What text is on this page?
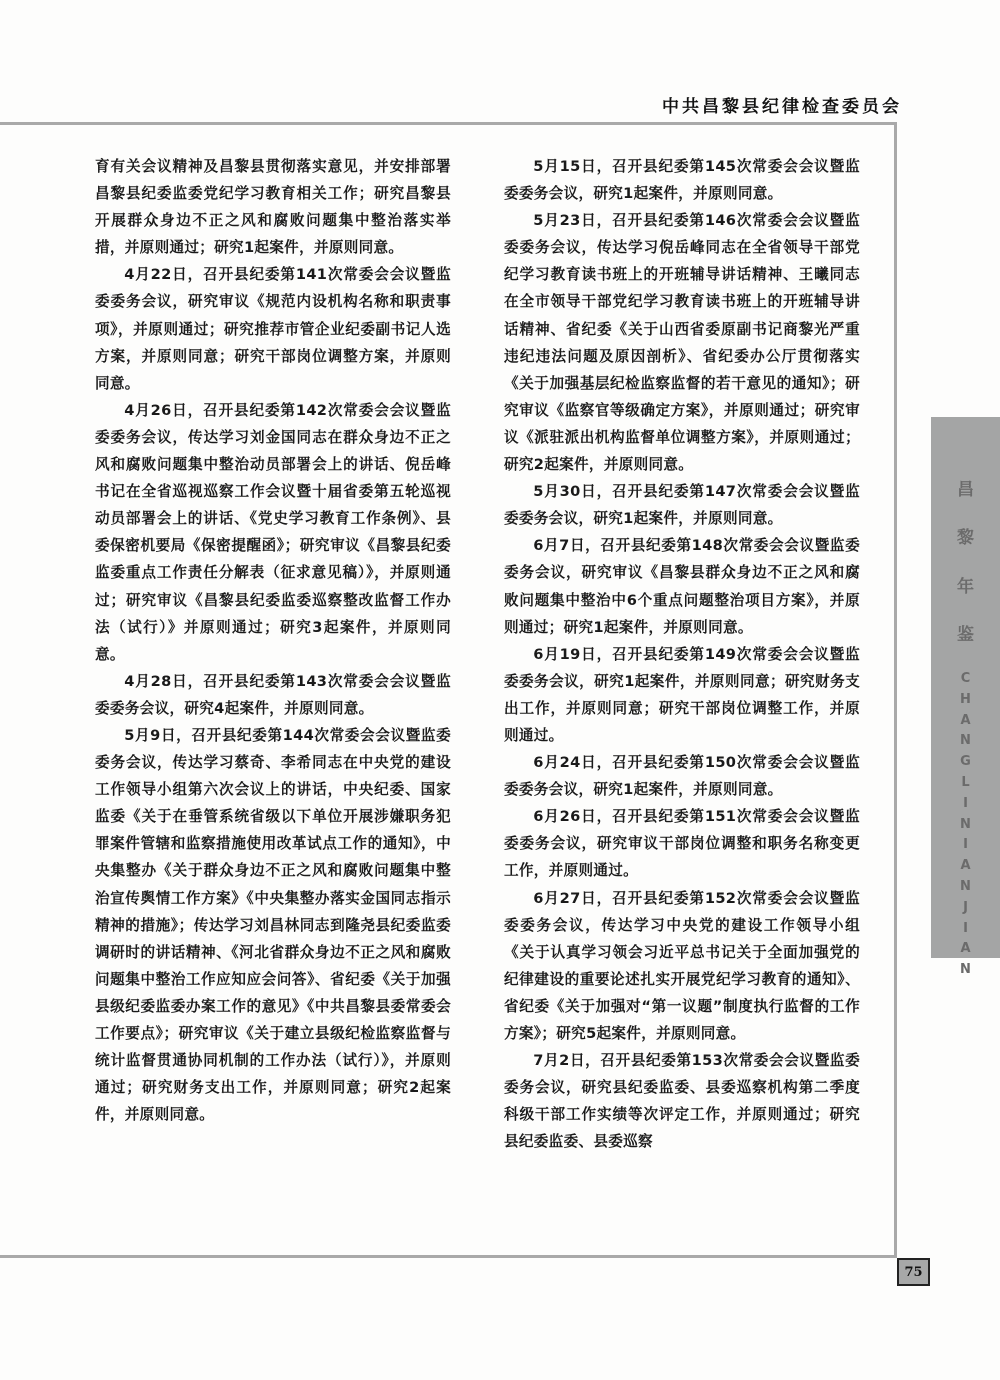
中共昌黎县纪律检查委员会

育有关会议精神及昌黎县贯彻落实意见，并安排部署昌黎县纪委监委党纪学习教育相关工作；研究昌黎县开展群众身边不正之风和腐败问题集中整治落实举措，并原则通过；研究1起案件，并原则同意。

4月22日，召开县纪委第141次常委会会议暨监委委务会议，研究审议《规范内设机构名称和职责事项》，并原则通过；研究推荐市管企业纪委副书记人选方案，并原则同意；研究干部岗位调整方案，并原则同意。

4月26日，召开县纪委第142次常委会会议暨监委委务会议，传达学习刘金国同志在群众身边不正之风和腐败问题集中整治动员部署会上的讲话、倪岳峰书记在全省巡视巡察工作会议暨十届省委第五轮巡视动员部署会上的讲话、《党史学习教育工作条例》、县委保密机要局《保密提醒函》；研究审议《昌黎县纪委监委重点工作责任分解表（征求意见稿）》，并原则通过；研究审议《昌黎县纪委监委巡察整改监督工作办法（试行）》并原则通过；研究3起案件，并原则同意。

4月28日，召开县纪委第143次常委会会议暨监委委务会议，研究4起案件，并原则同意。

5月9日，召开县纪委第144次常委会会议暨监委委务会议，传达学习蔡奇、李希同志在中央党的建设工作领导小组第六次会议上的讲话，中央纪委、国家监委《关于在垂管系统省级以下单位开展涉嫌职务犯罪案件管辖和监察措施使用改革试点工作的通知》，中央集整办《关于群众身边不正之风和腐败问题集中整治宣传舆情工作方案》《中央集整办落实金国同志指示精神的措施》；传达学习刘昌林同志到隆尧县纪委监委调研时的讲话精神、《河北省群众身边不正之风和腐败问题集中整治工作应知应会问答》、省纪委《关于加强县级纪委监委办案工作的意见》《中共昌黎县委常委会工作要点》；研究审议《关于建立县级纪检监察监督与统计监督贯通协同机制的工作办法（试行）》，并原则通过；研究财务支出工作，并原则同意；研究2起案件，并原则同意。

5月15日，召开县纪委第145次常委会会议暨监委委务会议，研究1起案件，并原则同意。

5月23日，召开县纪委第146次常委会会议暨监委委务会议，传达学习倪岳峰同志在全省领导干部党纪学习教育读书班上的开班辅导讲话精神、王曦同志在全市领导干部党纪学习教育读书班上的开班辅导讲话精神、省纪委《关于山西省委原副书记商黎光严重违纪违法问题及原因剖析》、省纪委办公厅贯彻落实《关于加强基层纪检监察监督的若干意见的通知》；研究审议《监察官等级确定方案》，并原则通过；研究审议《派驻派出机构监督单位调整方案》，并原则通过；研究2起案件，并原则同意。

5月30日，召开县纪委第147次常委会会议暨监委委务会议，研究1起案件，并原则同意。

6月7日，召开县纪委第148次常委会会议暨监委委务会议，研究审议《昌黎县群众身边不正之风和腐败问题集中整治中6个重点问题整治项目方案》，并原则通过；研究1起案件，并原则同意。

6月19日，召开县纪委第149次常委会会议暨监委委务会议，研究1起案件，并原则同意；研究财务支出工作，并原则同意；研究干部岗位调整工作，并原则通过。

6月24日，召开县纪委第150次常委会会议暨监委委务会议，研究1起案件，并原则同意。

6月26日，召开县纪委第151次常委会会议暨监委委务会议，研究审议干部岗位调整和职务名称变更工作，并原则通过。

6月27日，召开县纪委第152次常委会会议暨监委委务会议，传达学习中央党的建设工作领导小组《关于认真学习领会习近平总书记关于全面加强党的纪律建设的重要论述扎实开展党纪学习教育的通知》、省纪委《关于加强对“第一议题”制度执行监督的工作方案》；研究5起案件，并原则同意。

7月2日，召开县纪委第153次常委会会议暨监委委务会议，研究县纪委监委、县委巡察机构第二季度科级干部工作实绩等次评定工作，并原则通过；研究县纪委监委、县委巡察

昌
黎
年
鉴
C
H
A
N
G
L
I
N
I
A
N
J
I
A
N
75
